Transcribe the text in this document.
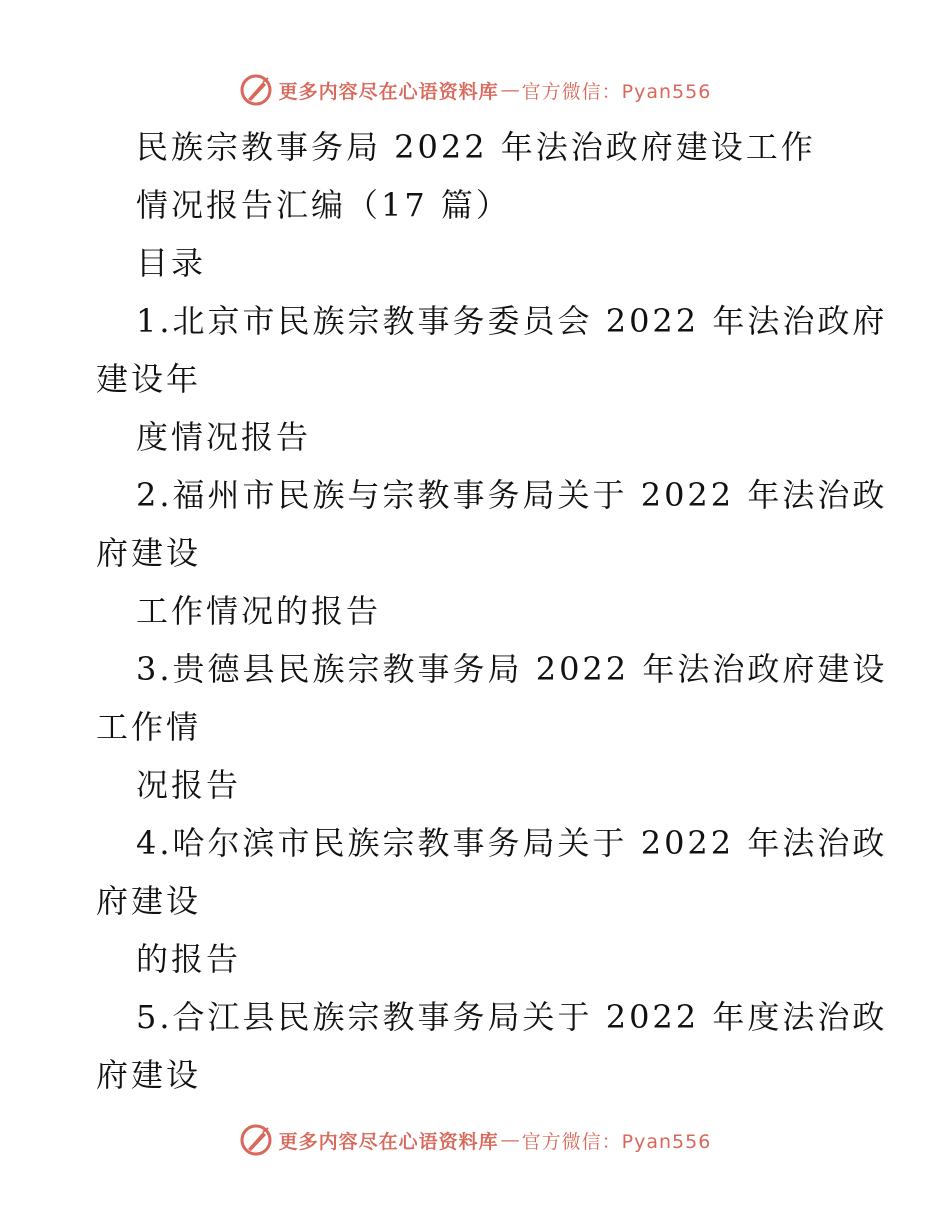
更多内容尽在心语资料库 — 官方微信：Pyan556
民族宗教事务局 2022 年法治政府建设工作
情况报告汇编（17 篇）
目录
1.北京市民族宗教事务委员会 2022 年法治政府
建设年
度情况报告
2.福州市民族与宗教事务局关于 2022 年法治政
府建设
工作情况的报告
3.贵德县民族宗教事务局 2022 年法治政府建设
工作情
况报告
4.哈尔滨市民族宗教事务局关于 2022 年法治政
府建设
的报告
5.合江县民族宗教事务局关于 2022 年度法治政
府建设
更多内容尽在心语资料库 — 官方微信：Pyan556
